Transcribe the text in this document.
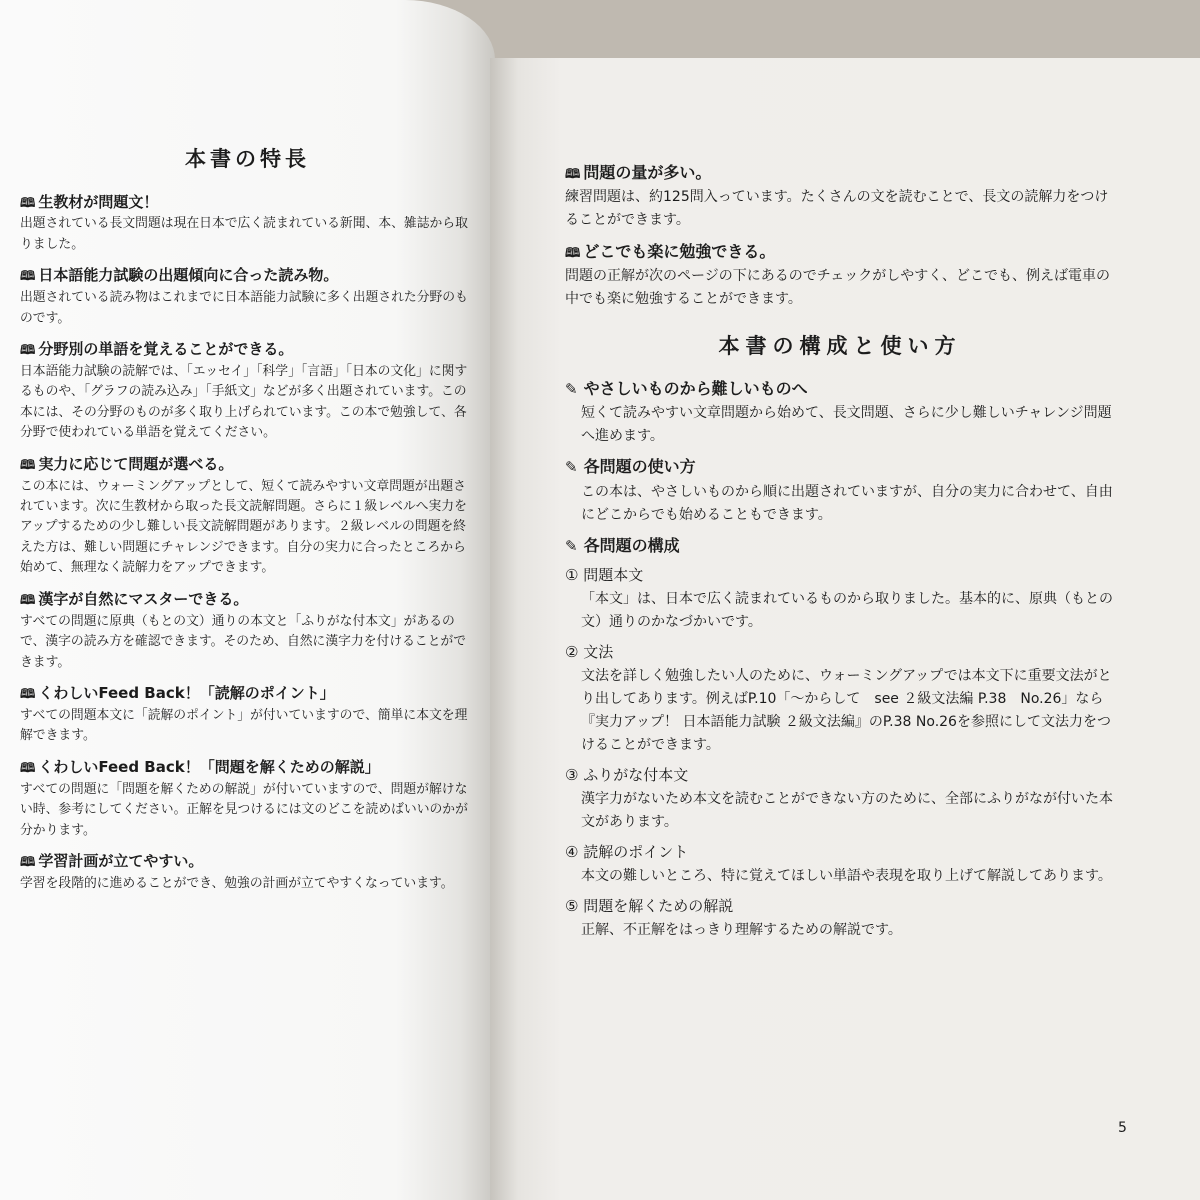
本書の特長
🕮 生教材が問題文！
出題されている長文問題は現在日本で広く読まれている新聞、本、雑誌から取りました。
🕮 日本語能力試験の出題傾向に合った読み物。
出題されている読み物はこれまでに日本語能力試験に多く出題された分野のものです。
🕮 分野別の単語を覚えることができる。
日本語能力試験の読解では、「エッセイ」「科学」「言語」「日本の文化」に関するものや、「グラフの読み込み」「手紙文」などが多く出題されています。この本には、その分野のものが多く取り上げられています。この本で勉強して、各分野で使われている単語を覚えてください。
🕮 実力に応じて問題が選べる。
この本には、ウォーミングアップとして、短くて読みやすい文章問題が出題されています。次に生教材から取った長文読解問題。さらに１級レベルへ実力をアップするための少し難しい長文読解問題があります。２級レベルの問題を終えた方は、難しい問題にチャレンジできます。自分の実力に合ったところから始めて、無理なく読解力をアップできます。
🕮 漢字が自然にマスターできる。
すべての問題に原典（もとの文）通りの本文と「ふりがな付本文」があるので、漢字の読み方を確認できます。そのため、自然に漢字力を付けることができます。
🕮 くわしいFeed Back！「読解のポイント」
すべての問題本文に「読解のポイント」が付いていますので、簡単に本文を理解できます。
🕮 くわしいFeed Back！「問題を解くための解説」
すべての問題に「問題を解くための解説」が付いていますので、問題が解けない時、参考にしてください。正解を見つけるには文のどこを読めばいいのかが分かります。
🕮 学習計画が立てやすい。
学習を段階的に進めることができ、勉強の計画が立てやすくなっています。
🕮 問題の量が多い。
練習問題は、約125問入っています。たくさんの文を読むことで、長文の読解力をつけることができます。
🕮 どこでも楽に勉強できる。
問題の正解が次のページの下にあるのでチェックがしやすく、どこでも、例えば電車の中でも楽に勉強することができます。
本書の構成と使い方
✎ やさしいものから難しいものへ
短くて読みやすい文章問題から始めて、長文問題、さらに少し難しいチャレンジ問題へ進めます。
✎ 各問題の使い方
この本は、やさしいものから順に出題されていますが、自分の実力に合わせて、自由にどこからでも始めることもできます。
✎ 各問題の構成
① 問題本文
「本文」は、日本で広く読まれているものから取りました。基本的に、原典（もとの文）通りのかなづかいです。
② 文法
文法を詳しく勉強したい人のために、ウォーミングアップでは本文下に重要文法がとり出してあります。例えばP.10「～からして　see ２級文法編 P.38　No.26」なら『実力アップ！ 日本語能力試験 ２級文法編』のP.38 No.26を参照にして文法力をつけることができます。
③ ふりがな付本文
漢字力がないため本文を読むことができない方のために、全部にふりがなが付いた本文があります。
④ 読解のポイント
本文の難しいところ、特に覚えてほしい単語や表現を取り上げて解説してあります。
⑤ 問題を解くための解説
正解、不正解をはっきり理解するための解説です。
5
